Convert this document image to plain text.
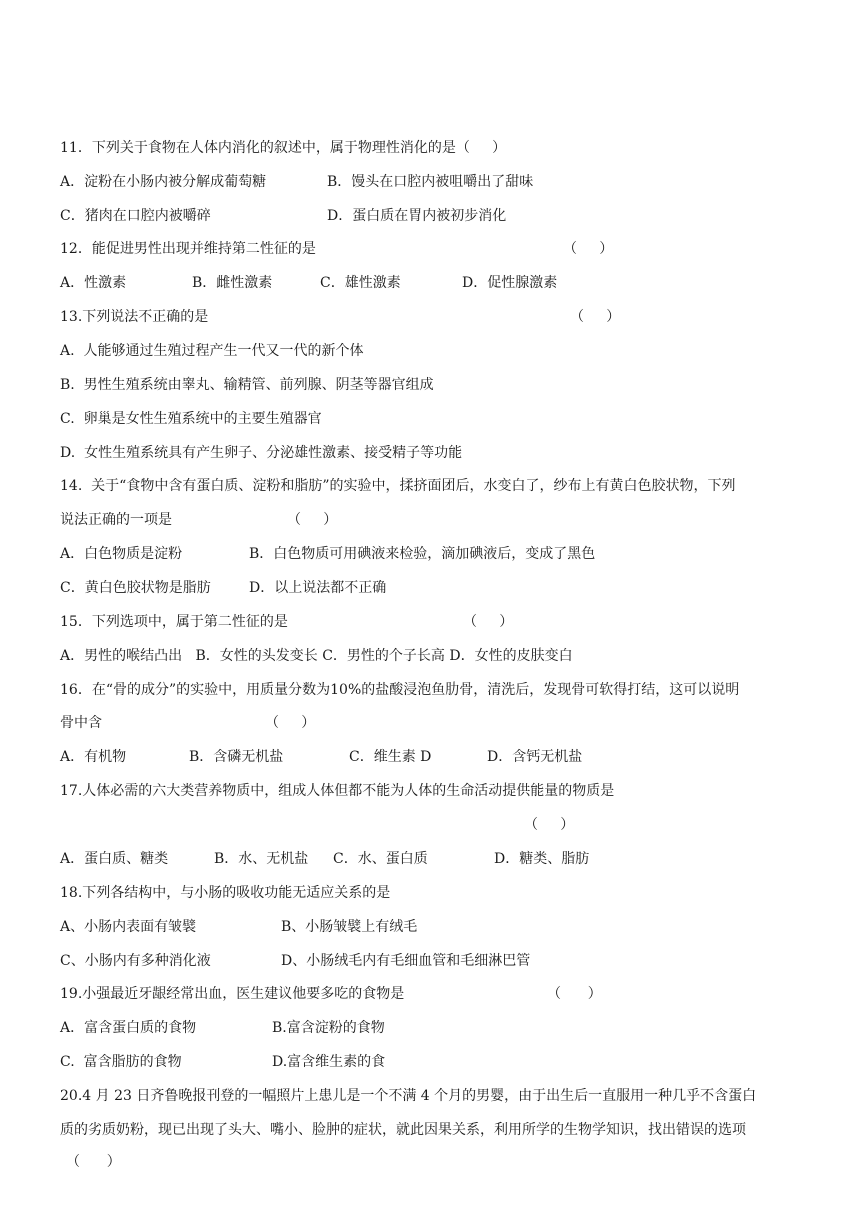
11．下列关于食物在人体内消化的叙述中，属于物理性消化的是（     ）
A．淀粉在小肠内被分解成葡萄糖	B．馒头在口腔内被咀嚼出了甜味
C．猪肉在口腔内被嚼碎	D．蛋白质在胃内被初步消化
12．能促进男性出现并维持第二性征的是	（     ）
A．性激素	B．雌性激素	C．雄性激素	D．促性腺激素
13.下列说法不正确的是	（     ）
A.  人能够通过生殖过程产生一代又一代的新个体
B.  男性生殖系统由睾丸、输精管、前列腺、阴茎等器官组成
C.  卵巢是女性生殖系统中的主要生殖器官
D.  女性生殖系统具有产生卵子、分泌雄性激素、接受精子等功能
14.  关于“食物中含有蛋白质、淀粉和脂肪”的实验中，揉挤面团后，水变白了，纱布上有黄白色胶状物，下列
说法正确的一项是	（     ）
A．白色物质是淀粉	B．白色物质可用碘液来检验，滴加碘液后，变成了黑色
C．黄白色胶状物是脂肪	D．以上说法都不正确
15．下列选项中，属于第二性征的是	（     ）
A．男性的喉结凸出   B．女性的头发变长 C．男性的个子长高 D．女性的皮肤变白
16．在“骨的成分”的实验中，用质量分数为10%的盐酸浸泡鱼肋骨，清洗后，发现骨可软得打结，这可以说明
骨中含	（     ）
A．有机物	B．含磷无机盐	C．维生素 D	D．含钙无机盐
17.人体必需的六大类营养物质中，组成人体但都不能为人体的生命活动提供能量的物质是
（     ）
A．蛋白质、糖类	B．水、无机盐 C．水、蛋白质	D．糖类、脂肪
18.下列各结构中，与小肠的吸收功能无适应关系的是
A、小肠内表面有皱襞	B、小肠皱襞上有绒毛
C、小肠内有多种消化液	D、小肠绒毛内有毛细血管和毛细淋巴管
19.小强最近牙龈经常出血，医生建议他要多吃的食物是	（      ）
A．富含蛋白质的食物	B.富含淀粉的食物
C.  富含脂肪的食物	D.富含维生素的食
20.4 月 23 日齐鲁晚报刊登的一幅照片上患儿是一个不满 4 个月的男婴，由于出生后一直服用一种几乎不含蛋白
质的劣质奶粉，现已出现了头大、嘴小、脸肿的症状，就此因果关系，利用所学的生物学知识，找出错误的选项
（      ）
